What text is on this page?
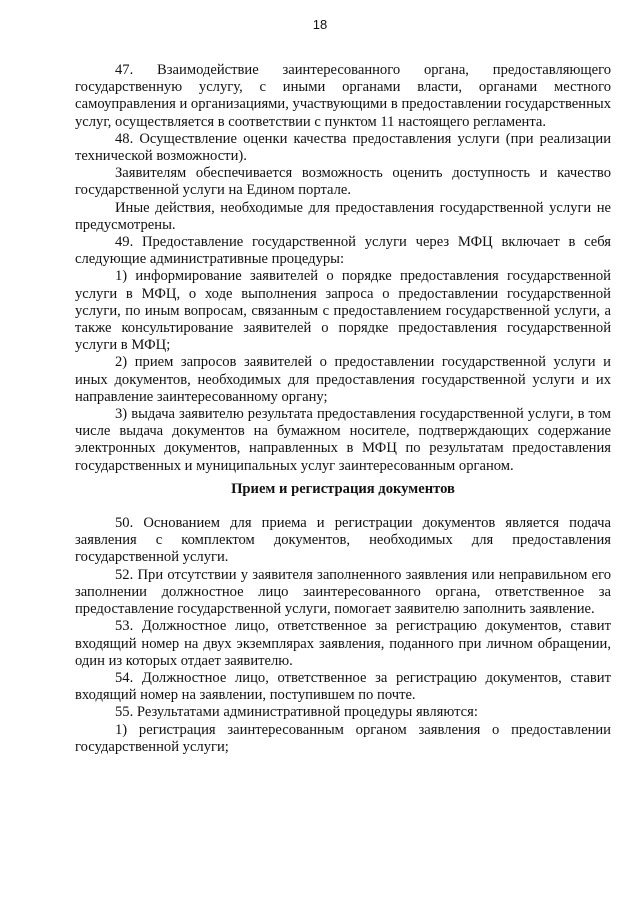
18

47. Взаимодействие заинтересованного органа, предоставляющего государственную услугу, с иными органами власти, органами местного самоуправления и организациями, участвующими в предоставлении государственных услуг, осуществляется в соответствии с пунктом 11 настоящего регламента.

48. Осуществление оценки качества предоставления услуги (при реализации технической возможности).

Заявителям обеспечивается возможность оценить доступность и качество государственной услуги на Едином портале.

Иные действия, необходимые для предоставления государственной услуги не предусмотрены.

49. Предоставление государственной услуги через МФЦ включает в себя следующие административные процедуры:

1) информирование заявителей о порядке предоставления государственной услуги в МФЦ, о ходе выполнения запроса о предоставлении государственной услуги, по иным вопросам, связанным с предоставлением государственной услуги, а также консультирование заявителей о порядке предоставления государственной услуги в МФЦ;

2) прием запросов заявителей о предоставлении государственной услуги и иных документов, необходимых для предоставления государственной услуги и их направление заинтересованному органу;

3) выдача заявителю результата предоставления государственной услуги, в том числе выдача документов на бумажном носителе, подтверждающих содержание электронных документов, направленных в МФЦ по результатам предоставления государственных и муниципальных услуг заинтересованным органом.

Прием и регистрация документов

50. Основанием для приема и регистрации документов является подача заявления с комплектом документов, необходимых для предоставления государственной услуги.

52. При отсутствии у заявителя заполненного заявления или неправильном его заполнении должностное лицо заинтересованного органа, ответственное за предоставление государственной услуги, помогает заявителю заполнить заявление.

53. Должностное лицо, ответственное за регистрацию документов, ставит входящий номер на двух экземплярах заявления, поданного при личном обращении, один из которых отдает заявителю.

54. Должностное лицо, ответственное за регистрацию документов, ставит входящий номер на заявлении, поступившем по почте.

55. Результатами административной процедуры являются:

1) регистрация заинтересованным органом заявления о предоставлении государственной услуги;
